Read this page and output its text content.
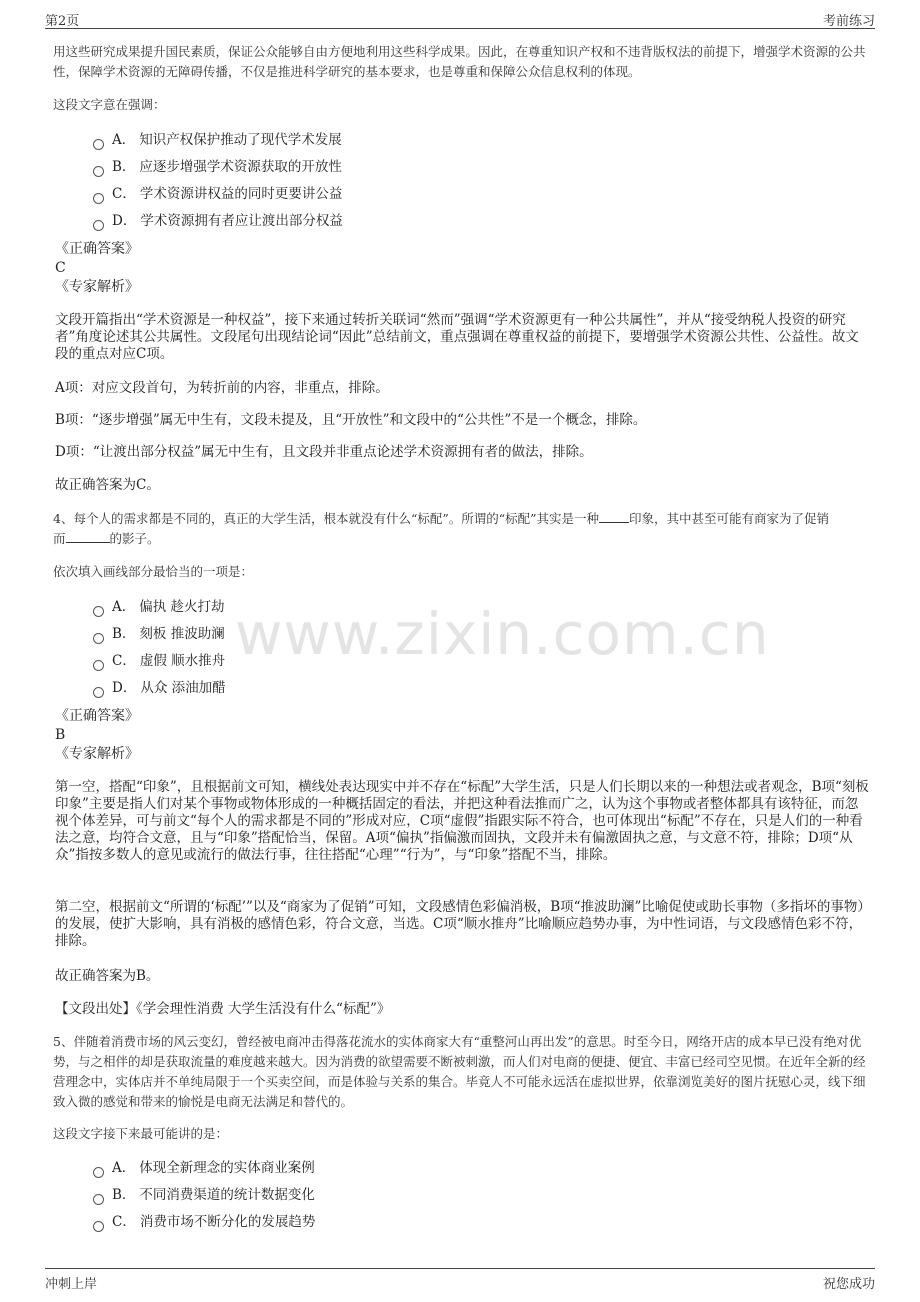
www.zixin.com.cn
第2页	考前练习
用这些研究成果提升国民素质，保证公众能够自由方便地利用这些科学成果。因此，在尊重知识产权和不违背版权法的前提下，增强学术资源的公共性，保障学术资源的无障碍传播，不仅是推进科学研究的基本要求，也是尊重和保障公众信息权利的体现。
这段文字意在强调：
A． 知识产权保护推动了现代学术发展
B． 应逐步增强学术资源获取的开放性
C． 学术资源讲权益的同时更要讲公益
D． 学术资源拥有者应让渡出部分权益
《正确答案》
C
《专家解析》
文段开篇指出“学术资源是一种权益”，接下来通过转折关联词“然而”强调“学术资源更有一种公共属性”，并从“接受纳税人投资的研究者”角度论述其公共属性。文段尾句出现结论词“因此”总结前文，重点强调在尊重权益的前提下，要增强学术资源公共性、公益性。故文段的重点对应C项。
A项：对应文段首句，为转折前的内容，非重点，排除。
B项：“逐步增强”属无中生有，文段未提及，且“开放性”和文段中的“公共性”不是一个概念，排除。
D项：“让渡出部分权益”属无中生有，且文段并非重点论述学术资源拥有者的做法，排除。
故正确答案为C。
4、每个人的需求都是不同的，真正的大学生活，根本就没有什么“标配”。所谓的“标配”其实是一种 印象，其中甚至可能有商家为了促销
而	的影子。
依次填入画线部分最恰当的一项是：
A． 偏执 趁火打劫
B． 刻板 推波助澜
C． 虚假 顺水推舟
D． 从众 添油加醋
《正确答案》
B
《专家解析》
第一空，搭配“印象”，且根据前文可知，横线处表达现实中并不存在“标配”大学生活，只是人们长期以来的一种想法或者观念，B项“刻板印象”主要是指人们对某个事物或物体形成的一种概括固定的看法，并把这种看法推而广之，认为这个事物或者整体都具有该特征，而忽视个体差异，可与前文“每个人的需求都是不同的”形成对应，C项“虚假”指跟实际不符合，也可体现出“标配”不存在，只是人们的一种看法之意，均符合文意，且与“印象”搭配恰当，保留。A项“偏执”指偏激而固执，文段并未有偏激固执之意，与文意不符，排除；D项“从众”指按多数人的意见或流行的做法行事，往往搭配“心理”“行为”，与“印象”搭配不当，排除。
第二空，根据前文“所谓的‘标配’”以及“商家为了促销”可知，文段感情色彩偏消极，B项“推波助澜”比喻促使或助长事物（多指坏的事物）的发展，使扩大影响，具有消极的感情色彩，符合文意，当选。C项“顺水推舟”比喻顺应趋势办事，为中性词语，与文段感情色彩不符，排除。
故正确答案为B。
【文段出处】《学会理性消费 大学生活没有什么“标配”》
5、伴随着消费市场的风云变幻，曾经被电商冲击得落花流水的实体商家大有“重整河山再出发”的意思。时至今日，网络开店的成本早已没有绝对优势，与之相伴的却是获取流量的难度越来越大。因为消费的欲望需要不断被刺激，而人们对电商的便捷、便宜、丰富已经司空见惯。在近年全新的经营理念中，实体店并不单纯局限于一个买卖空间，而是体验与关系的集合。毕竟人不可能永远活在虚拟世界，依靠浏览美好的图片抚慰心灵，线下细致入微的感觉和带来的愉悦是电商无法满足和替代的。
这段文字接下来最可能讲的是：
A． 体现全新理念的实体商业案例
B． 不同消费渠道的统计数据变化
C． 消费市场不断分化的发展趋势
冲刺上岸	祝您成功
